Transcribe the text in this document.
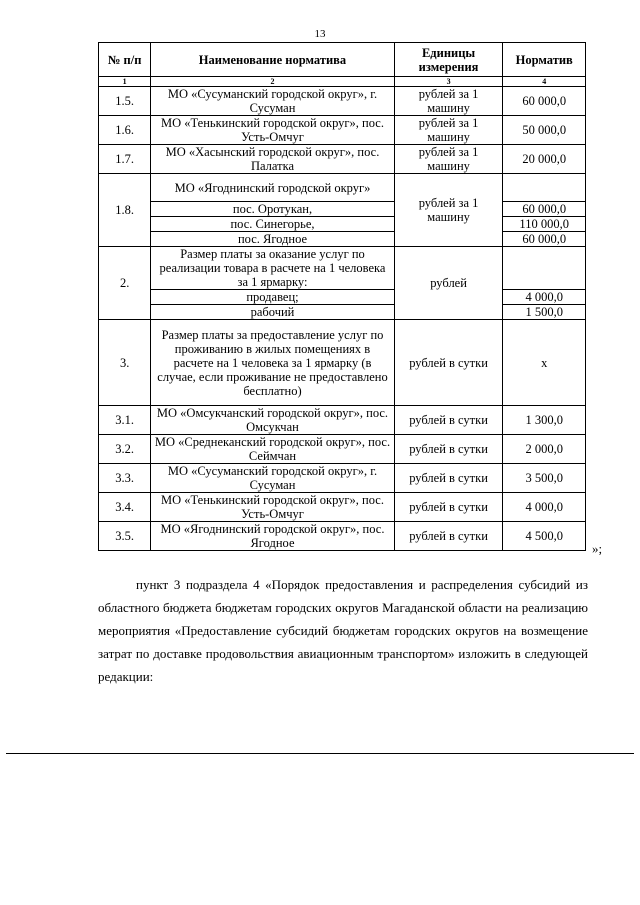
13
№ п/п	Наименование норматива	Единицы измерения	Норматив
1	2	3	4
1.5.	МО «Сусуманский городской округ», г. Сусуман	рублей за 1 машину	60 000,0
1.6.	МО «Тенькинский городской округ», пос. Усть-Омчуг	рублей за 1 машину	50 000,0
1.7.	МО «Хасынский городской округ», пос. Палатка	рублей за 1 машину	20 000,0
1.8.	МО «Ягоднинский городской округ»	рублей за 1 машину	
	пос. Оротукан,		60 000,0
	пос. Синегорье,		110 000,0
	пос. Ягодное		60 000,0
2.	Размер платы за оказание услуг по реализации товара в расчете на 1 человека за 1 ярмарку:	рублей	
	продавец;		4 000,0
	рабочий		1 500,0
3.	Размер платы за предоставление услуг по проживанию в жилых помещениях в расчете на 1 человека за 1 ярмарку (в случае, если проживание не предоставлено бесплатно)	рублей в сутки	х
3.1.	МО «Омсукчанский городской округ», пос. Омсукчан	рублей в сутки	1 300,0
3.2.	МО «Среднеканский городской округ», пос. Сеймчан	рублей в сутки	2 000,0
3.3.	МО «Сусуманский городской округ», г. Сусуман	рублей в сутки	3 500,0
3.4.	МО «Тенькинский городской округ», пос. Усть-Омчуг	рублей в сутки	4 000,0
3.5.	МО «Ягоднинский городской округ», пос. Ягодное	рублей в сутки	4 500,0
»;

пункт 3 подраздела 4 «Порядок предоставления и распределения субсидий из областного бюджета бюджетам городских округов Магаданской области на реализацию мероприятия «Предоставление субсидий бюджетам городских округов на возмещение затрат по доставке продовольствия авиационным транспортом» изложить в следующей редакции:
